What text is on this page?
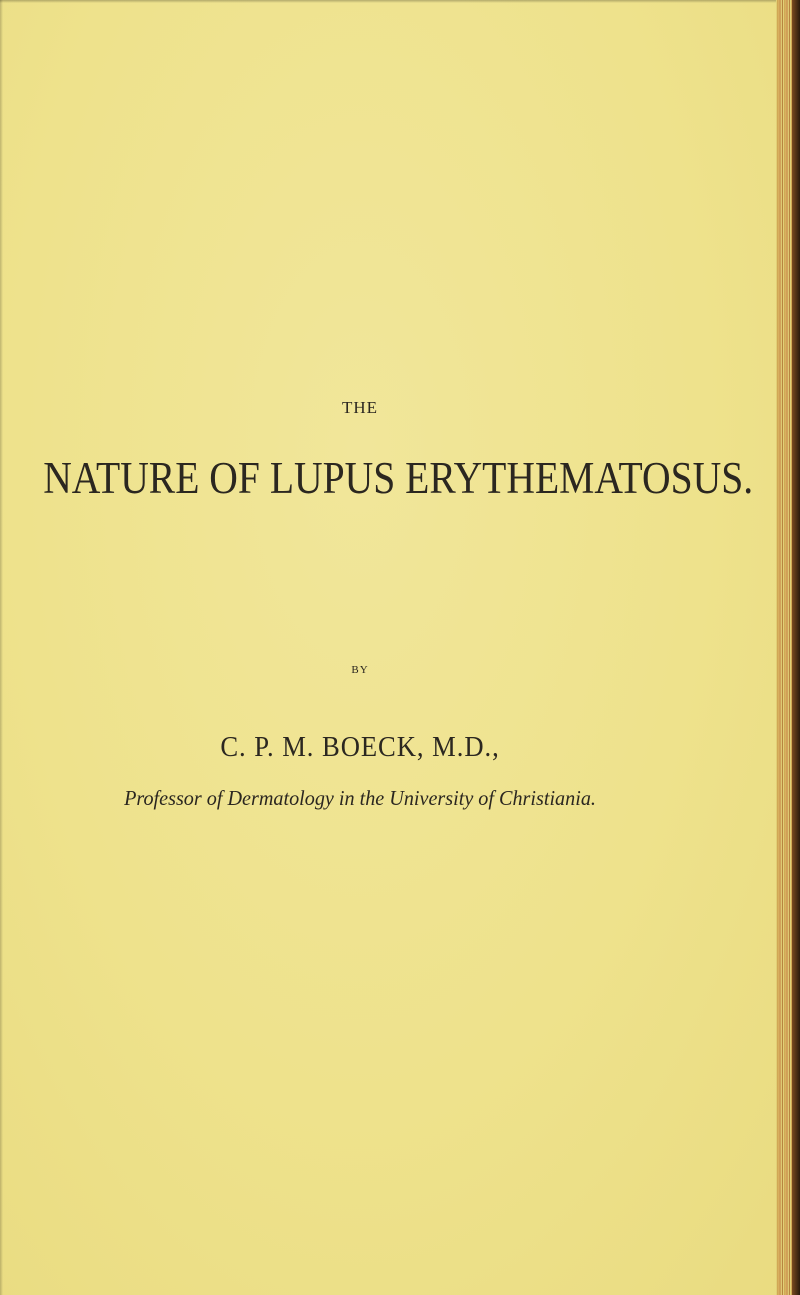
THE
NATURE OF LUPUS ERYTHEMATOSUS.
BY
C. P. M. BOECK, M.D.,
Professor of Dermatology in the University of Christiania.
